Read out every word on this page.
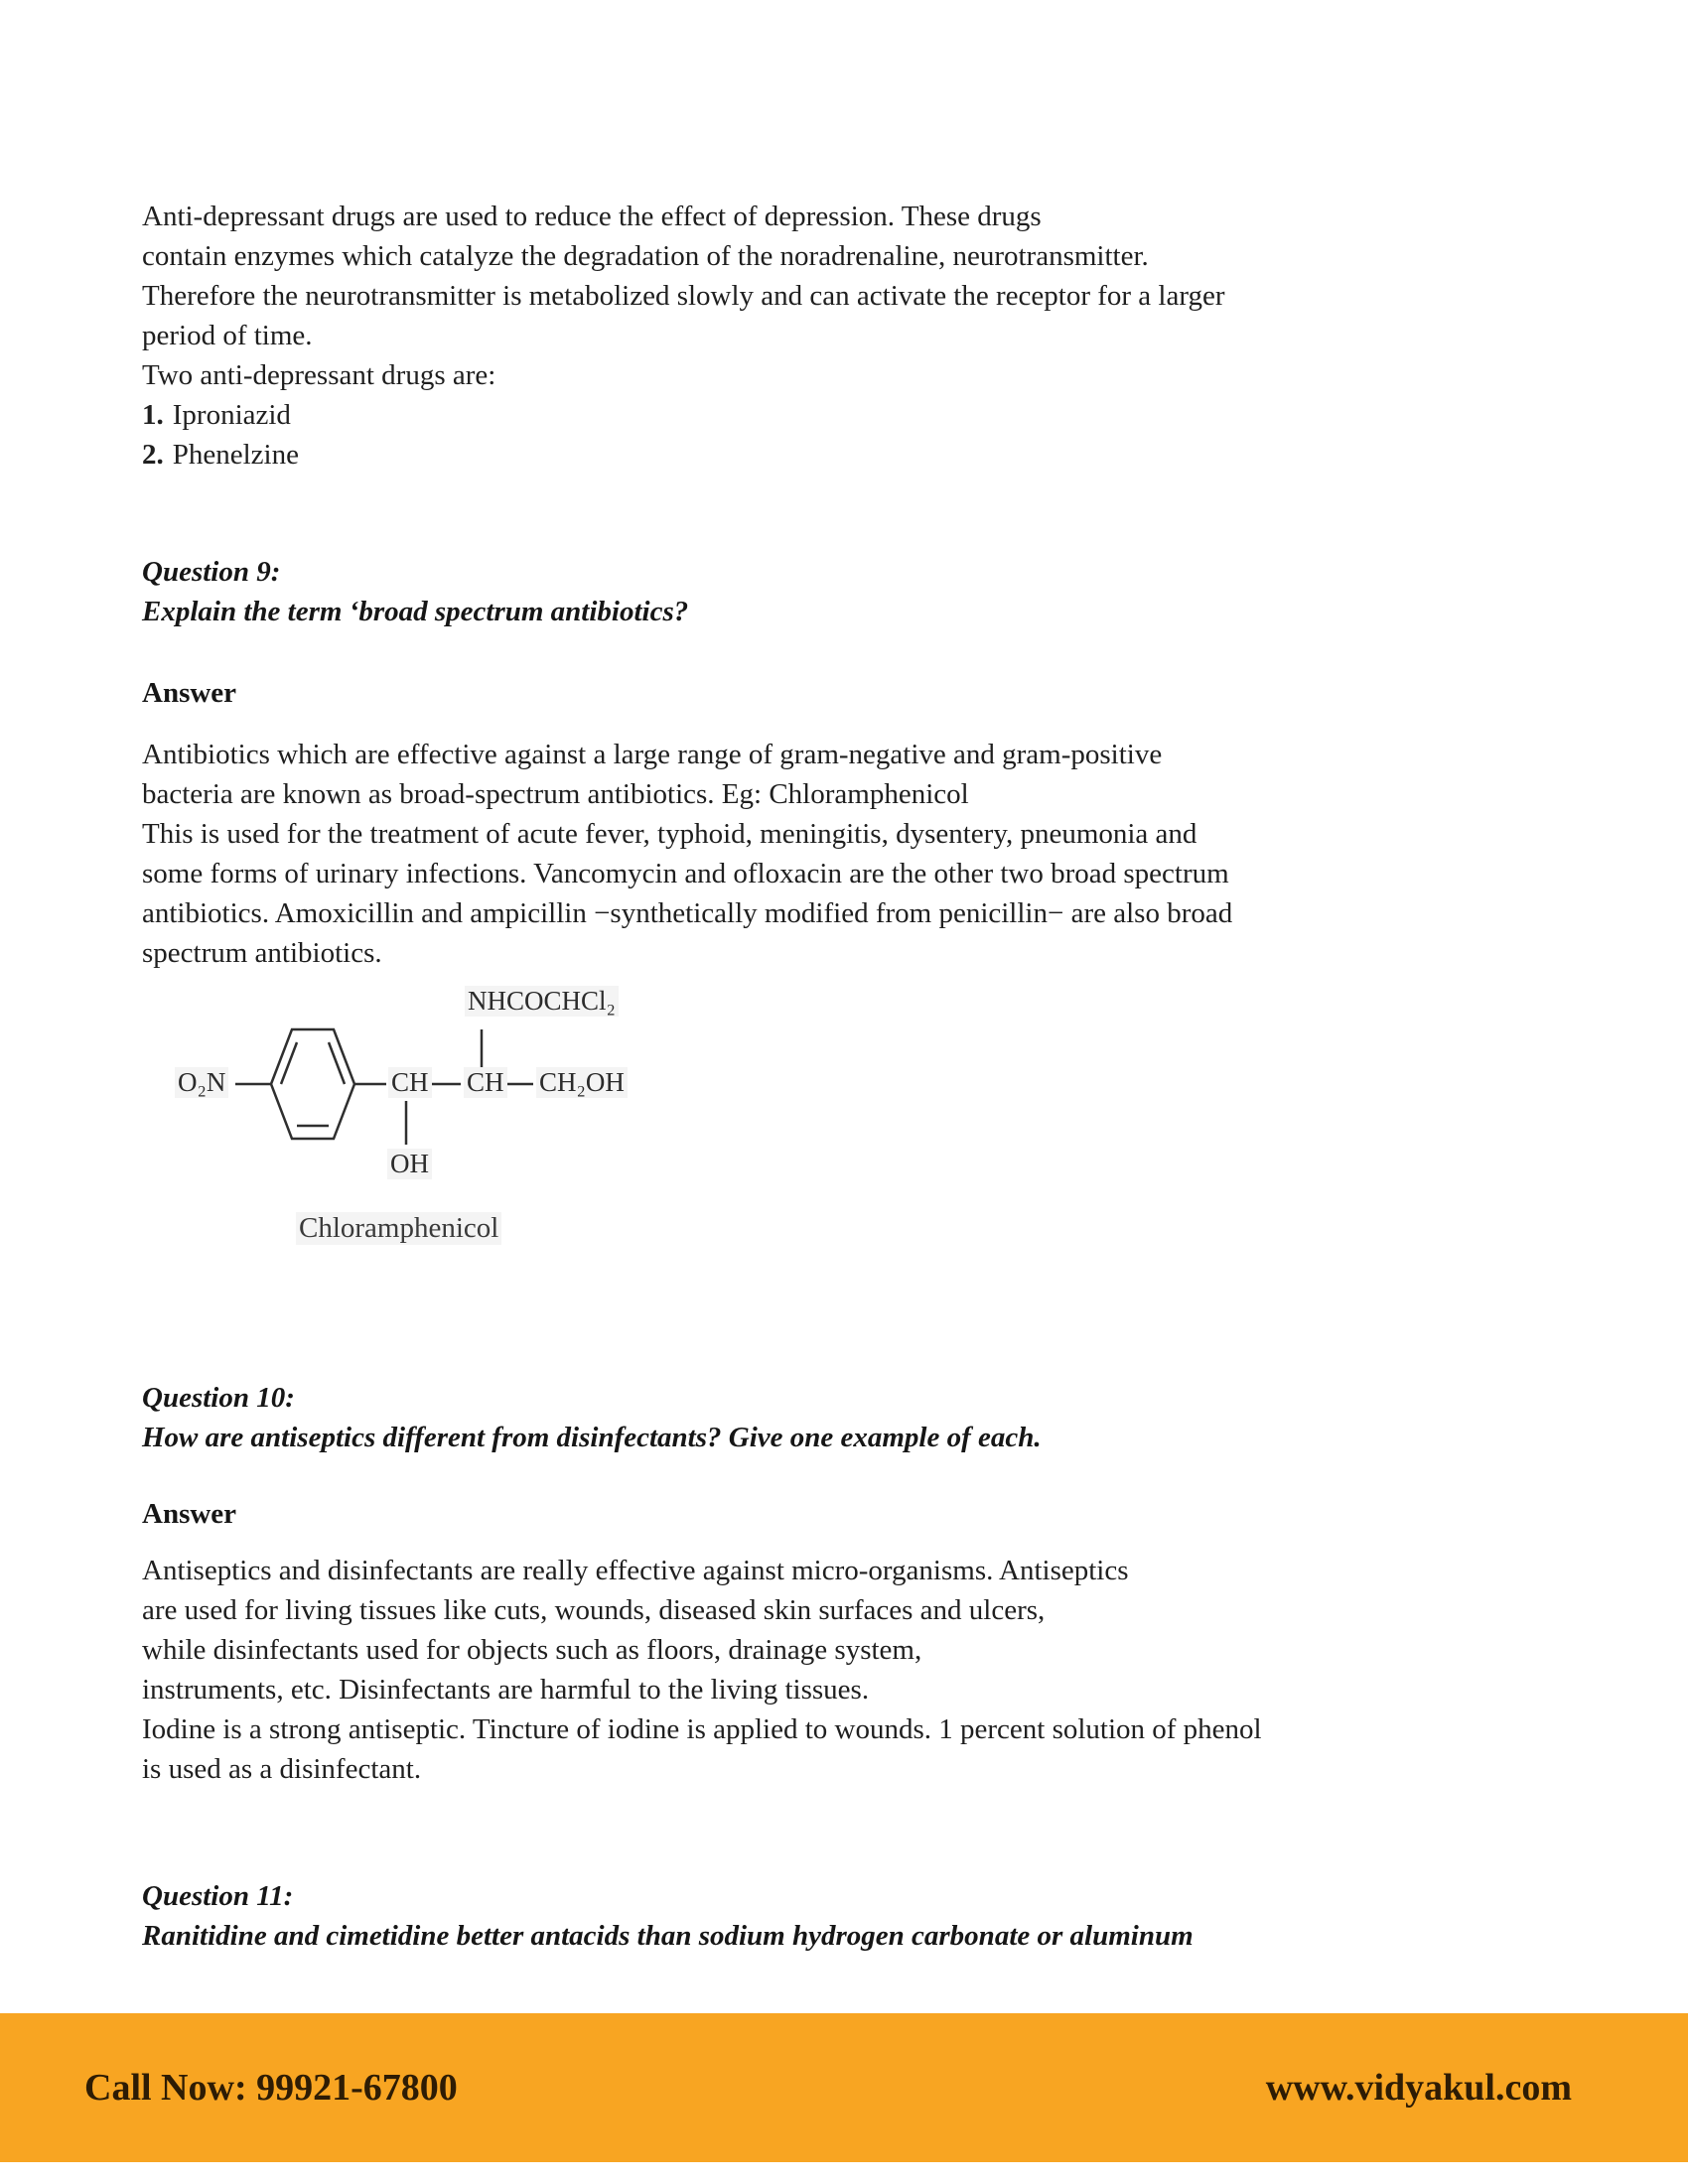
Anti-depressant drugs are used to reduce the effect of depression. These drugs
contain enzymes which catalyze the degradation of the noradrenaline, neurotransmitter.
Therefore the neurotransmitter is metabolized slowly and can activate the receptor for a larger
period of time.
Two anti-depressant drugs are:
1. Iproniazid
2. Phenelzine
Question 9:
Explain the term ‘broad spectrum antibiotics?
Answer
Antibiotics which are effective against a large range of gram-negative and gram-positive
bacteria are known as broad-spectrum antibiotics. Eg: Chloramphenicol
This is used for the treatment of acute fever, typhoid, meningitis, dysentery, pneumonia and
some forms of urinary infections. Vancomycin and ofloxacin are the other two broad spectrum
antibiotics. Amoxicillin and ampicillin −synthetically modified from penicillin− are also broad
spectrum antibiotics.
O₂N	CH CH CH₂OH
OH
NHCOCHCl₂
Chloramphenicol
Question 10:
How are antiseptics different from disinfectants? Give one example of each.
Answer
Antiseptics and disinfectants are really effective against micro-organisms. Antiseptics
are used for living tissues like cuts, wounds, diseased skin surfaces and ulcers,
while disinfectants used for objects such as floors, drainage system,
instruments, etc. Disinfectants are harmful to the living tissues.
Iodine is a strong antiseptic. Tincture of iodine is applied to wounds. 1 percent solution of phenol
is used as a disinfectant.
Question 11:
Ranitidine and cimetidine better antacids than sodium hydrogen carbonate or aluminum
Call Now: 99921-67800	www.vidyakul.com
